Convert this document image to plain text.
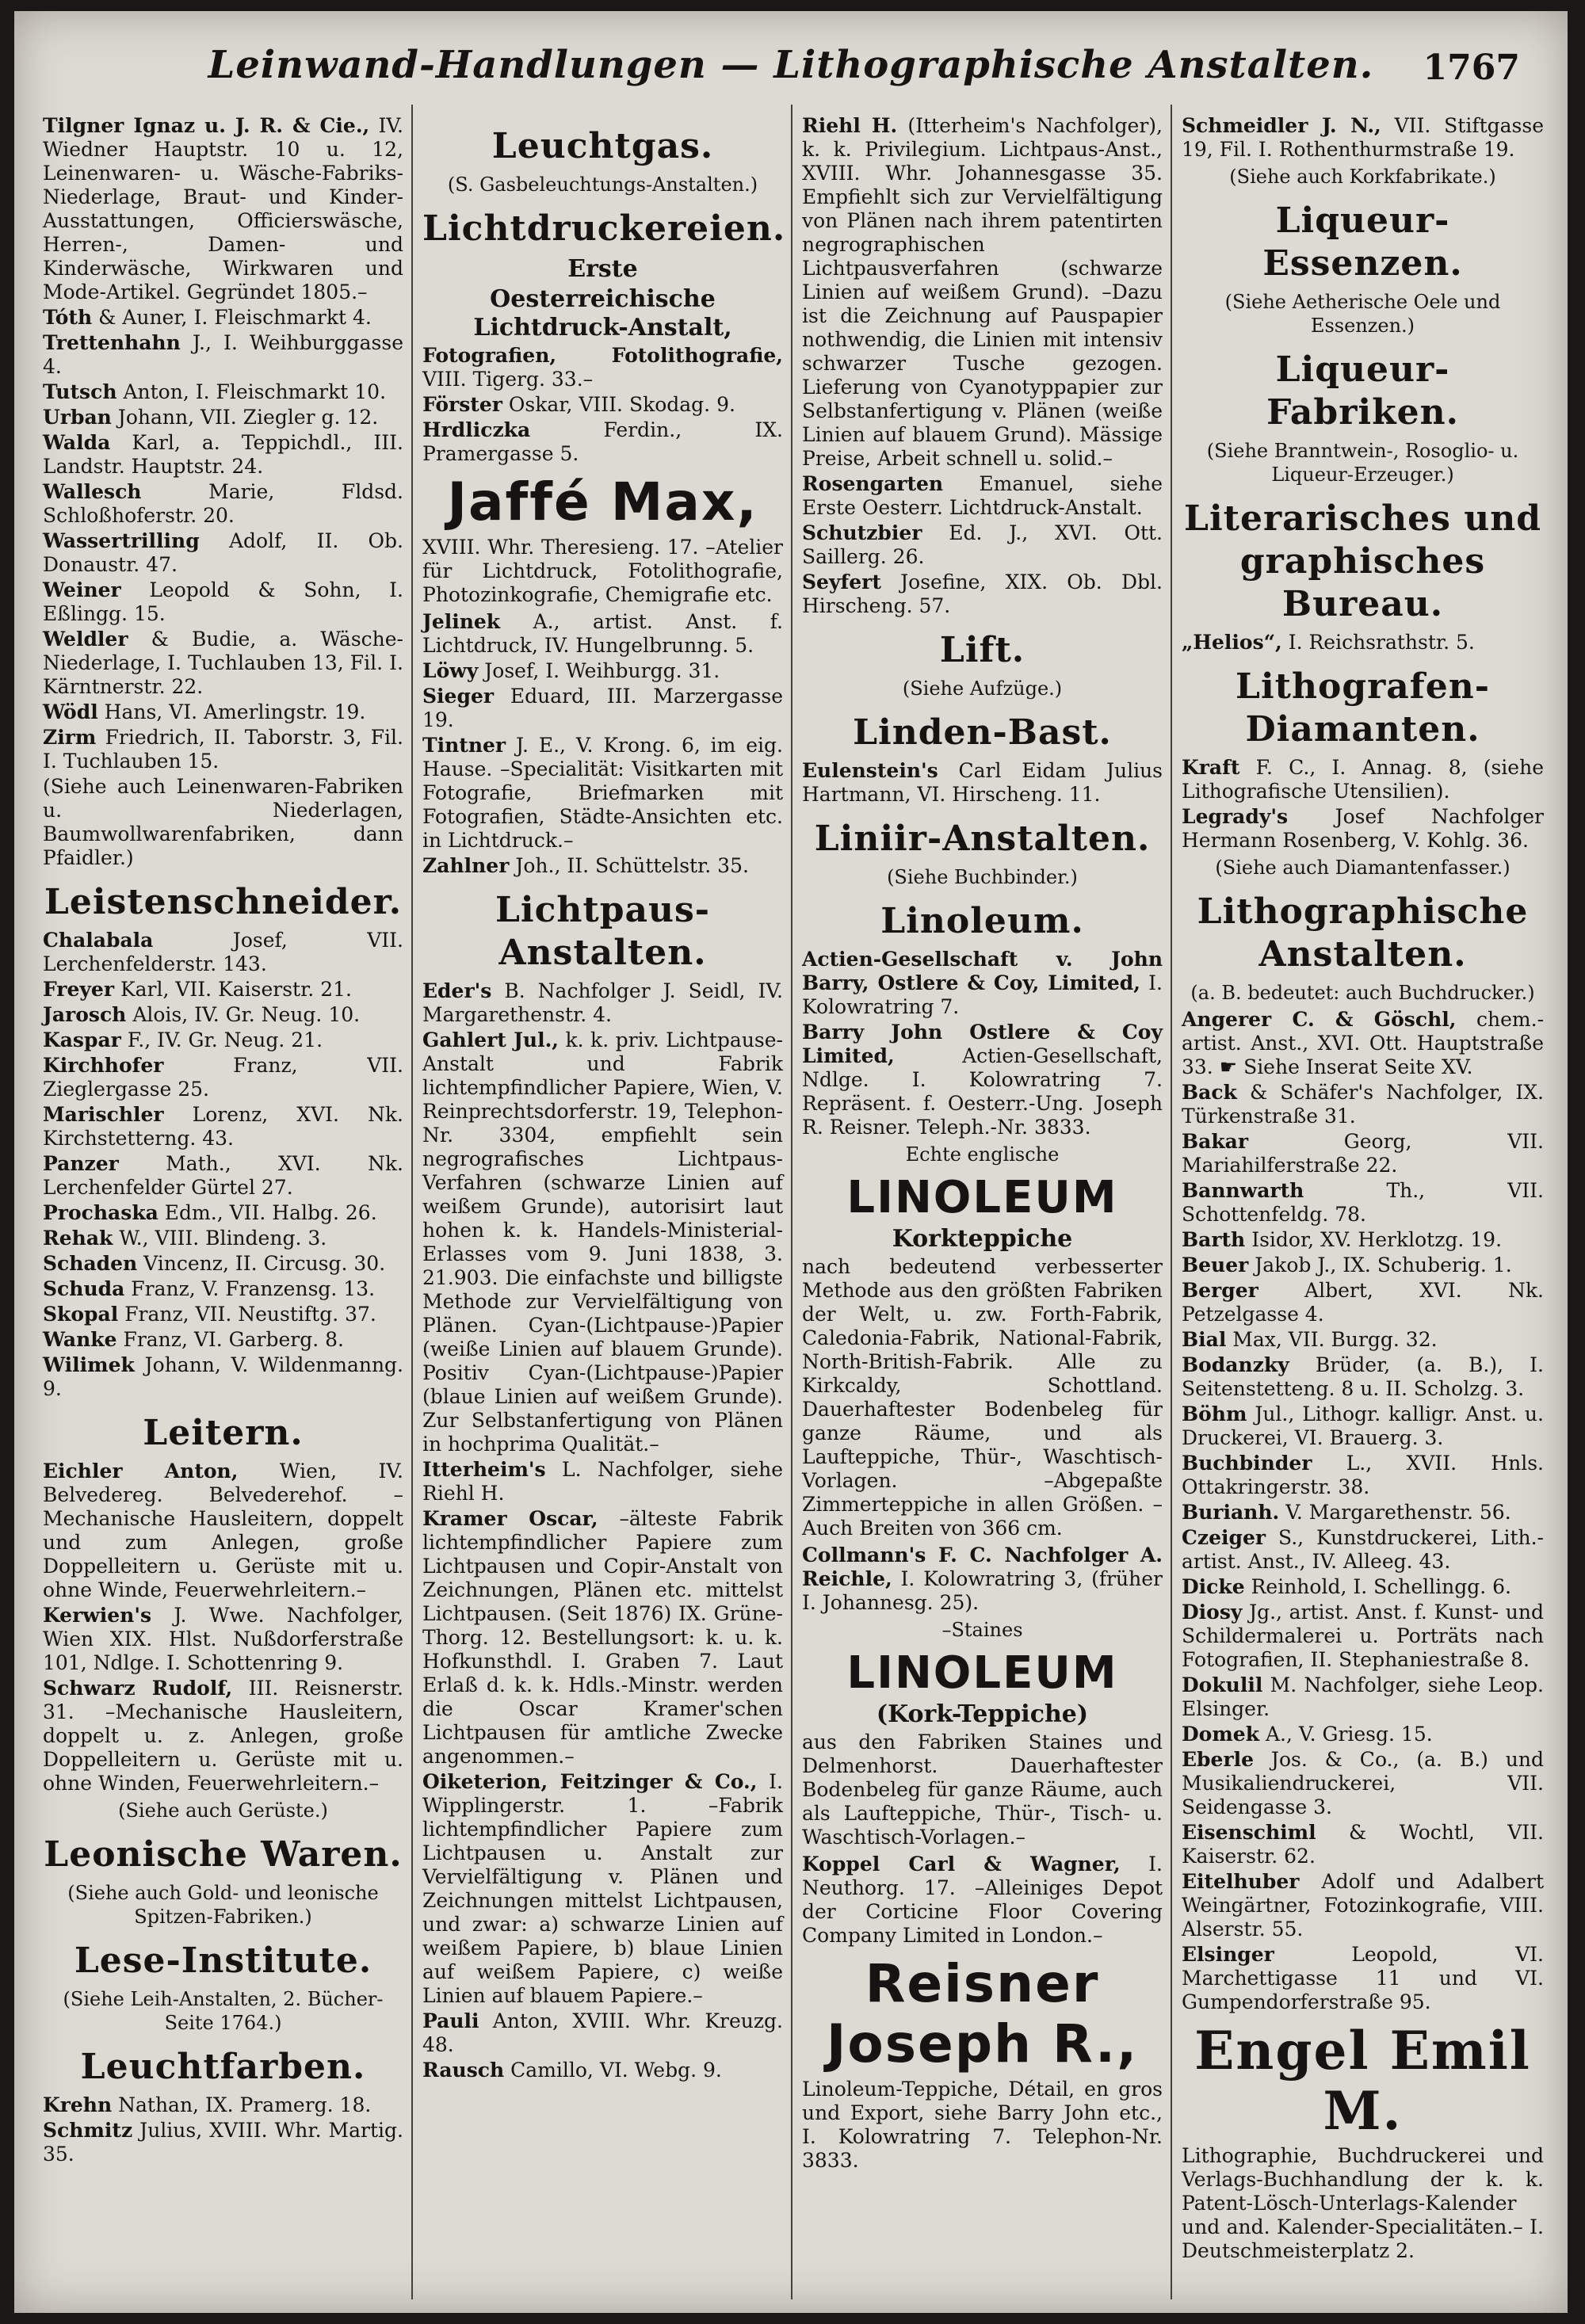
Leinwand-Handlungen — Lithographische Anstalten.	1767
Tilgner Ignaz u. J. R. & Cie., IV. Wiedner Hauptstr. 10 u. 12, Leinenwaren- u. Wäsche-Fabriks-Niederlage, Braut- und Kinder-Ausstattungen, Officierswäsche, Herren-, Damen- und Kinderwäsche, Wirkwaren und Mode-Artikel. Gegründet 1805.–
Tóth & Auner, I. Fleischmarkt 4.
Trettenhahn J., I. Weihburggasse 4.
Tutsch Anton, I. Fleischmarkt 10.
Urban Johann, VII. Ziegler g. 12.
Walda Karl, a. Teppichdl., III. Landstr. Hauptstr. 24.
Wallesch	Marie, Fldsd. Schloßhoferstr. 20.
Wassertrilling Adolf, II. Ob. Donaustr. 47.
Weiner Leopold & Sohn, I. Eßlingg. 15.
Weldler & Budie, a. Wäsche-Niederlage, I. Tuchlauben 13, Fil. I. Kärntnerstr. 22.
Wödl Hans, VI. Amerlingstr. 19.
Zirm Friedrich, II. Taborstr. 3, Fil. I. Tuchlauben 15.
(Siehe auch Leinenwaren-Fabriken u. Niederlagen, Baumwollwarenfabriken, dann Pfaidler.)
Leistenschneider.
Chalabala	Josef, VII. Lerchenfelderstr. 143.
Freyer Karl, VII. Kaiserstr. 21.
Jarosch Alois, IV. Gr. Neug. 10.
Kaspar F., IV. Gr. Neug. 21.
Kirchhofer	Franz, VII. Zieglergasse 25.
Marischler Lorenz, XVI. Nk. Kirchstetterng. 43.
Panzer Math., XVI. Nk. Lerchenfelder Gürtel 27.
Prochaska Edm., VII. Halbg. 26.
Rehak W., VIII. Blindeng. 3.
Schaden Vincenz, II. Circusg. 30.
Schuda Franz, V. Franzensg. 13.
Skopal Franz, VII. Neustiftg. 37.
Wanke Franz, VI. Garberg. 8.
Wilimek Johann, V. Wildenmanng. 9.
Leitern.
Eichler Anton, Wien, IV. Belvedereg. Belvederehof. –Mechanische Hausleitern, doppelt und zum Anlegen, große Doppelleitern u. Gerüste mit u. ohne Winde, Feuerwehrleitern.–
Kerwien's J. Wwe. Nachfolger, Wien XIX. Hlst. Nußdorferstraße 101, Ndlge. I. Schottenring 9.
Schwarz Rudolf, III. Reisnerstr. 31. –Mechanische Hausleitern, doppelt u. z. Anlegen, große Doppelleitern u. Gerüste mit u. ohne Winden, Feuerwehrleitern.–
(Siehe auch Gerüste.)
Leonische Waren.
(Siehe auch Gold- und leonische Spitzen-Fabriken.)
Lese-Institute.
(Siehe Leih-Anstalten, 2. Bücher-Seite 1764.)
Leuchtfarben.
Krehn Nathan, IX. Pramerg. 18.
Schmitz Julius, XVIII. Whr. Martig. 35.
Leuchtgas.
(S. Gasbeleuchtungs-Anstalten.)
Lichtdruckereien.
Erste
Oesterreichische Lichtdruck-Anstalt,
Fotografien, Fotolithografie, VIII. Tigerg. 33.–
Förster Oskar, VIII. Skodag. 9.
Hrdliczka	Ferdin., IX. Pramergasse 5.
Jaffé Max,
XVIII. Whr. Theresieng. 17. –Atelier für Lichtdruck, Fotolithografie, Photozinkografie, Chemigrafie etc.
Jelinek A., artist. Anst. f. Lichtdruck, IV. Hungelbrunng. 5.
Löwy Josef, I. Weihburgg. 31.
Sieger Eduard, III. Marzergasse 19.
Tintner J. E., V. Krong. 6, im eig. Hause. –Specialität: Visitkarten mit Fotografie, Briefmarken mit Fotografien, Städte-Ansichten etc. in Lichtdruck.–
Zahlner Joh., II. Schüttelstr. 35.
Lichtpaus-Anstalten.
Eder's B. Nachfolger J. Seidl, IV. Margarethenstr. 4.
Gahlert Jul., k. k. priv. Lichtpause-Anstalt und Fabrik lichtempfindlicher Papiere, Wien, V. Reinprechtsdorferstr. 19, Telephon-Nr. 3304, empfiehlt sein negrografisches Lichtpaus-Verfahren (schwarze Linien auf weißem Grunde), autorisirt laut hohen k. k. Handels-Ministerial-Erlasses vom 9. Juni 1838, 3. 21.903. Die einfachste und billigste Methode zur Vervielfältigung von Plänen. Cyan-(Lichtpause-)Papier (weiße Linien auf blauem Grunde). Positiv Cyan-(Lichtpause-)Papier (blaue Linien auf weißem Grunde). Zur Selbstanfertigung von Plänen in hochprima Qualität.–
Itterheim's L. Nachfolger, siehe Riehl H.
Kramer Oscar, –älteste Fabrik lichtempfindlicher Papiere zum Lichtpausen und Copir-Anstalt von Zeichnungen, Plänen etc. mittelst Lichtpausen. (Seit 1876) IX. Grüne-Thorg. 12. Bestellungsort: k. u. k. Hofkunsthdl. I. Graben 7. Laut Erlaß d. k. k. Hdls.-Minstr. werden die Oscar Kramer'schen Lichtpausen für amtliche Zwecke angenommen.–
Oiketerion, Feitzinger & Co., I. Wipplingerstr. 1. –Fabrik lichtempfindlicher Papiere zum Lichtpausen u. Anstalt zur Vervielfältigung v. Plänen und Zeichnungen mittelst Lichtpausen, und zwar: a) schwarze Linien auf weißem Papiere, b) blaue Linien auf weißem Papiere, c) weiße Linien auf blauem Papiere.–
Pauli Anton, XVIII. Whr. Kreuzg. 48.
Rausch Camillo, VI. Webg. 9.
Riehl H. (Itterheim's Nachfolger), k. k. Privilegium. Lichtpaus-Anst., XVIII. Whr. Johannesgasse 35. Empfiehlt sich zur Vervielfältigung von Plänen nach ihrem patentirten negrographischen Lichtpausverfahren (schwarze Linien auf weißem Grund). –Dazu ist die Zeichnung auf Pauspapier nothwendig, die Linien mit intensiv schwarzer Tusche gezogen. Lieferung von Cyanotyppapier zur Selbstanfertigung v. Plänen (weiße Linien auf blauem Grund). Mässige Preise, Arbeit schnell u. solid.–
Rosengarten Emanuel, siehe Erste Oesterr. Lichtdruck-Anstalt.
Schutzbier Ed. J., XVI. Ott. Saillerg. 26.
Seyfert Josefine, XIX. Ob. Dbl. Hirscheng. 57.
Lift.
(Siehe Aufzüge.)
Linden-Bast.
Eulenstein's Carl Eidam Julius Hartmann, VI. Hirscheng. 11.
Liniir-Anstalten.
(Siehe Buchbinder.)
Linoleum.
Actien-Gesellschaft v. John Barry, Ostlere & Coy, Limited, I. Kolowratring 7.
Barry John Ostlere & Coy Limited,	Actien-Gesellschaft, Ndlge. I. Kolowratring 7. Repräsent. f. Oesterr.-Ung. Joseph R. Reisner. Teleph.-Nr. 3833.
Echte englische
LINOLEUM
Korkteppiche
nach bedeutend verbesserter Methode aus den größten Fabriken der Welt, u. zw. Forth-Fabrik, Caledonia-Fabrik, National-Fabrik, North-British-Fabrik. Alle zu Kirkcaldy, Schottland. Dauerhaftester Bodenbeleg für ganze Räume, und als Laufteppiche, Thür-, Waschtisch-Vorlagen. –Abgepaßte Zimmerteppiche in allen Größen. –Auch Breiten von 366 cm.
Collmann's F. C. Nachfolger A. Reichle, I. Kolowratring 3, (früher I. Johannesg. 25).
–Staines
LINOLEUM
(Kork-Teppiche)
aus den Fabriken Staines und Delmenhorst. Dauerhaftester Bodenbeleg für ganze Räume, auch als Laufteppiche, Thür-, Tisch- u. Waschtisch-Vorlagen.–
Koppel Carl & Wagner, I. Neuthorg. 17. –Alleiniges Depot der Corticine Floor Covering Company Limited in London.–
Reisner Joseph R.,
Linoleum-Teppiche, Détail, en gros und Export, siehe Barry John etc., I. Kolowratring 7. Telephon-Nr. 3833.
Schmeidler J. N., VII. Stiftgasse 19, Fil. I. Rothenthurmstraße 19.
(Siehe auch Korkfabrikate.)
Liqueur-Essenzen.
(Siehe Aetherische Oele und Essenzen.)
Liqueur-Fabriken.
(Siehe Branntwein-, Rosoglio- u. Liqueur-Erzeuger.)
Literarisches und graphisches Bureau.
„Helios“, I. Reichsrathstr. 5.
Lithografen-Diamanten.
Kraft F. C., I. Annag. 8, (siehe Lithografische Utensilien).
Legrady's Josef Nachfolger Hermann Rosenberg, V. Kohlg. 36.
(Siehe auch Diamantenfasser.)
Lithographische Anstalten.
(a. B. bedeutet: auch Buchdrucker.)
Angerer C. & Göschl, chem.-artist. Anst., XVI. Ott. Hauptstraße 33. ☛ Siehe Inserat Seite XV.
Back & Schäfer's Nachfolger, IX. Türkenstraße 31.
Bakar	Georg, VII. Mariahilferstraße 22.
Bannwarth	Th., VII. Schottenfeldg. 78.
Barth Isidor, XV. Herklotzg. 19.
Beuer Jakob J., IX. Schuberig. 1.
Berger Albert, XVI. Nk. Petzelgasse 4.
Bial Max, VII. Burgg. 32.
Bodanzky Brüder, (a. B.), I. Seitenstetteng. 8 u. II. Scholzg. 3.
Böhm Jul., Lithogr. kalligr. Anst. u. Druckerei, VI. Brauerg. 3.
Buchbinder L., XVII. Hnls. Ottakringerstr. 38.
Burianh. V. Margarethenstr. 56.
Czeiger S., Kunstdruckerei, Lith.-artist. Anst., IV. Alleeg. 43.
Dicke Reinhold, I. Schellingg. 6.
Diosy Jg., artist. Anst. f. Kunst- und Schildermalerei u. Porträts nach Fotografien, II. Stephaniestraße 8.
Dokulil M. Nachfolger, siehe Leop. Elsinger.
Domek A., V. Griesg. 15.
Eberle Jos. & Co., (a. B.) und Musikaliendruckerei, VII. Seidengasse 3.
Eisenschiml & Wochtl, VII. Kaiserstr. 62.
Eitelhuber Adolf und Adalbert Weingärtner, Fotozinkografie, VIII. Alserstr. 55.
Elsinger	Leopold, VI. Marchettigasse 11 und VI. Gumpendorferstraße 95.
Engel Emil M.
Lithographie, Buchdruckerei und Verlags-Buchhandlung der k. k. Patent-Lösch-Unterlags-Kalender und and. Kalender-Specialitäten.– I. Deutschmeisterplatz 2.
